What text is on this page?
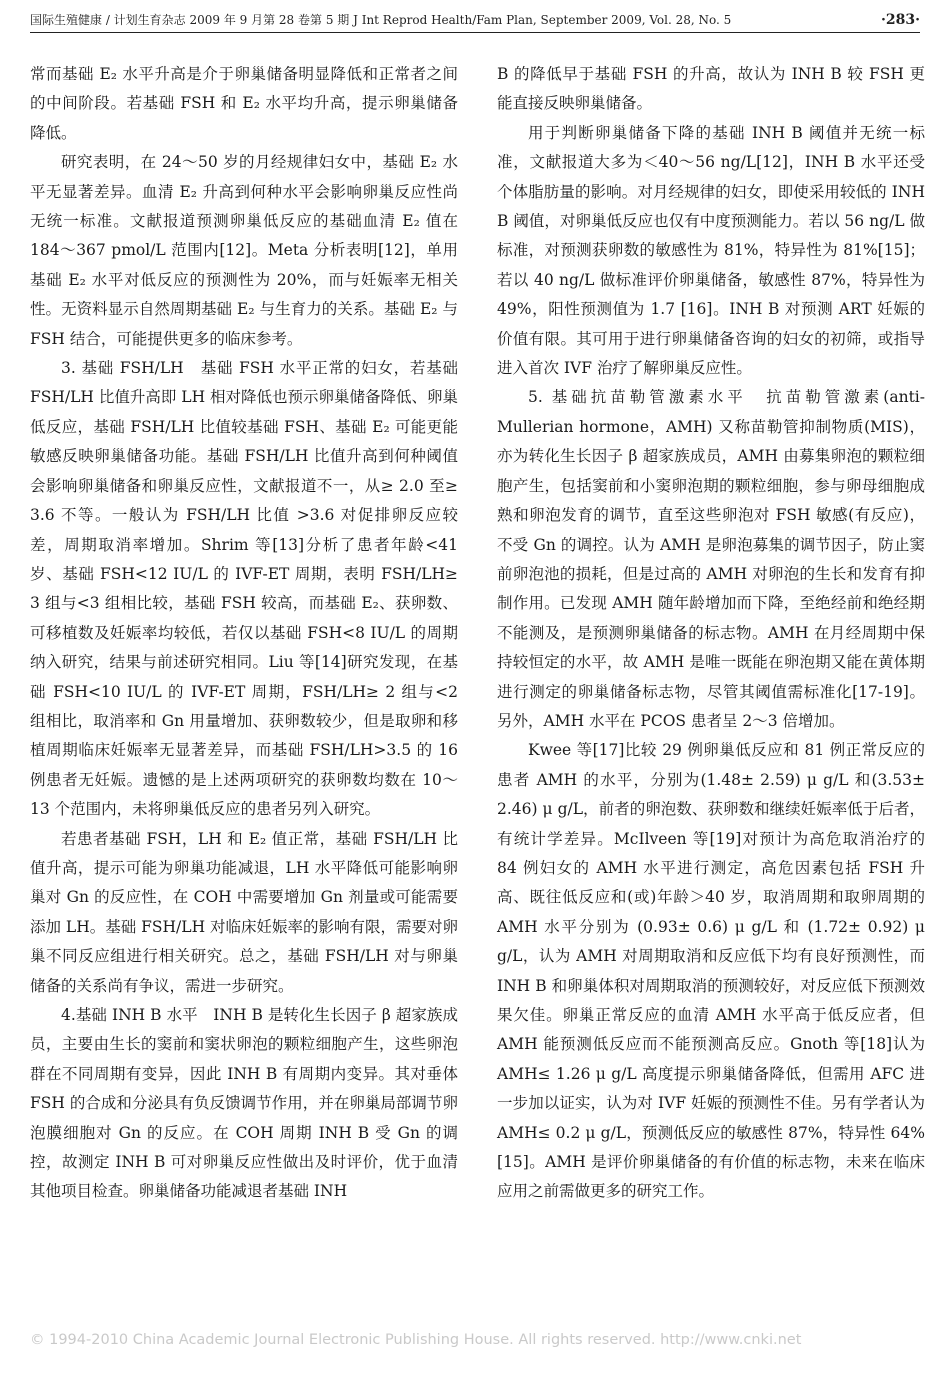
国际生殖健康 / 计划生育杂志 2009 年 9 月第 28 卷第 5 期 J Int Reprod Health/Fam Plan, September 2009, Vol. 28, No. 5	·283·

常而基础 E₂ 水平升高是介于卵巢储备明显降低和正常者之间的中间阶段。若基础 FSH 和 E₂ 水平均升高，提示卵巢储备降低。

研究表明，在 24～50 岁的月经规律妇女中，基础 E₂ 水平无显著差异。血清 E₂ 升高到何种水平会影响卵巢反应性尚无统一标准。文献报道预测卵巢低反应的基础血清 E₂ 值在 184～367 pmol/L 范围内[12]。Meta 分析表明[12]，单用基础 E₂ 水平对低反应的预测性为 20%，而与妊娠率无相关性。无资料显示自然周期基础 E₂ 与生育力的关系。基础 E₂ 与 FSH 结合，可能提供更多的临床参考。

3. 基础 FSH/LH　基础 FSH 水平正常的妇女，若基础 FSH/LH 比值升高即 LH 相对降低也预示卵巢储备降低、卵巢低反应，基础 FSH/LH 比值较基础 FSH、基础 E₂ 可能更能敏感反映卵巢储备功能。基础 FSH/LH 比值升高到何种阈值会影响卵巢储备和卵巢反应性，文献报道不一，从≥ 2.0 至≥ 3.6 不等。一般认为 FSH/LH 比值 >3.6 对促排卵反应较差，周期取消率增加。Shrim 等[13]分析了患者年龄<41 岁、基础 FSH<12 IU/L 的 IVF-ET 周期，表明 FSH/LH≥ 3 组与<3 组相比较，基础 FSH 较高，而基础 E₂、获卵数、可移植数及妊娠率均较低，若仅以基础 FSH<8 IU/L 的周期纳入研究，结果与前述研究相同。Liu 等[14]研究发现，在基础 FSH<10 IU/L 的 IVF-ET 周期，FSH/LH≥ 2 组与<2 组相比，取消率和 Gn 用量增加、获卵数较少，但是取卵和移植周期临床妊娠率无显著差异，而基础 FSH/LH>3.5 的 16 例患者无妊娠。遗憾的是上述两项研究的获卵数均数在 10～13 个范围内，未将卵巢低反应的患者另列入研究。

若患者基础 FSH，LH 和 E₂ 值正常，基础 FSH/LH 比值升高，提示可能为卵巢功能减退，LH 水平降低可能影响卵巢对 Gn 的反应性，在 COH 中需要增加 Gn 剂量或可能需要添加 LH。基础 FSH/LH 对临床妊娠率的影响有限，需要对卵巢不同反应组进行相关研究。总之，基础 FSH/LH 对与卵巢储备的关系尚有争议，需进一步研究。

4.基础 INH B 水平　INH B 是转化生长因子 β 超家族成员，主要由生长的窦前和窦状卵泡的颗粒细胞产生，这些卵泡群在不同周期有变异，因此 INH B 有周期内变异。其对垂体 FSH 的合成和分泌具有负反馈调节作用，并在卵巢局部调节卵泡膜细胞对 Gn 的反应。在 COH 周期 INH B 受 Gn 的调控，故测定 INH B 可对卵巢反应性做出及时评价，优于血清其他项目检查。卵巢储备功能减退者基础 INH

B 的降低早于基础 FSH 的升高，故认为 INH B 较 FSH 更能直接反映卵巢储备。

用于判断卵巢储备下降的基础 INH B 阈值并无统一标准，文献报道大多为＜40～56 ng/L[12]，INH B 水平还受个体脂肪量的影响。对月经规律的妇女，即使采用较低的 INH B 阈值，对卵巢低反应也仅有中度预测能力。若以 56 ng/L 做标准，对预测获卵数的敏感性为 81%，特异性为 81%[15]；若以 40 ng/L 做标准评价卵巢储备，敏感性 87%，特异性为 49%，阳性预测值为 1.7 [16]。INH B 对预测 ART 妊娠的价值有限。其可用于进行卵巢储备咨询的妇女的初筛，或指导进入首次 IVF 治疗了解卵巢反应性。

5. 基础抗苗勒管激素水平　抗苗勒管激素(anti-Mullerian hormone，AMH) 又称苗勒管抑制物质(MIS)，亦为转化生长因子 β 超家族成员，AMH 由募集卵泡的颗粒细胞产生，包括窦前和小窦卵泡期的颗粒细胞，参与卵母细胞成熟和卵泡发育的调节，直至这些卵泡对 FSH 敏感(有反应)，不受 Gn 的调控。认为 AMH 是卵泡募集的调节因子，防止窦前卵泡池的损耗，但是过高的 AMH 对卵泡的生长和发育有抑制作用。已发现 AMH 随年龄增加而下降，至绝经前和绝经期不能测及，是预测卵巢储备的标志物。AMH 在月经周期中保持较恒定的水平，故 AMH 是唯一既能在卵泡期又能在黄体期进行测定的卵巢储备标志物，尽管其阈值需标准化[17-19]。另外，AMH 水平在 PCOS 患者呈 2～3 倍增加。

Kwee 等[17]比较 29 例卵巢低反应和 81 例正常反应的患者 AMH 的水平，分别为(1.48± 2.59) μ g/L 和(3.53± 2.46) μ g/L，前者的卵泡数、获卵数和继续妊娠率低于后者，有统计学差异。McIlveen 等[19]对预计为高危取消治疗的 84 例妇女的 AMH 水平进行测定，高危因素包括 FSH 升高、既往低反应和(或)年龄＞40 岁，取消周期和取卵周期的 AMH 水平分别为 (0.93± 0.6) μ g/L 和 (1.72± 0.92) μ g/L，认为 AMH 对周期取消和反应低下均有良好预测性，而 INH B 和卵巢体积对周期取消的预测较好，对反应低下预测效果欠佳。卵巢正常反应的血清 AMH 水平高于低反应者，但 AMH 能预测低反应而不能预测高反应。Gnoth 等[18]认为 AMH≤ 1.26 μ g/L 高度提示卵巢储备降低，但需用 AFC 进一步加以证实，认为对 IVF 妊娠的预测性不佳。另有学者认为 AMH≤ 0.2 μ g/L，预测低反应的敏感性 87%，特异性 64%[15]。AMH 是评价卵巢储备的有价值的标志物，未来在临床应用之前需做更多的研究工作。

© 1994-2010 China Academic Journal Electronic Publishing House. All rights reserved. http://www.cnki.net
